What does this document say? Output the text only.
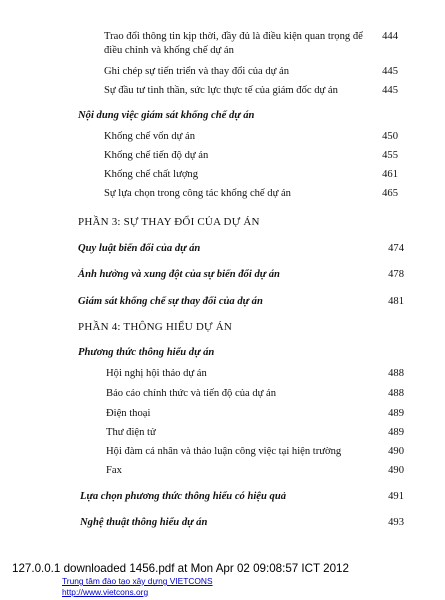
Trao đổi thông tin kịp thời, đầy đủ là điều kiện quan trọng để
điều chỉnh và khống chế dự án
444
Ghi chép sự tiến triển và thay đổi của dự án	445
Sự đầu tư tinh thần, sức lực thực tế của giám đốc dự án	445
Nội dung việc giám sát khống chế dự án
Khống chế vốn dự án	450
Khống chế tiến độ dự án	455
Khống chế chất lượng	461
Sự lựa chọn trong công tác khống chế dự án	465
PHẦN 3: SỰ THAY ĐỔI CỦA DỰ ÁN
Quy luật biến đổi của dự án	474
Ảnh hưởng và xung đột của sự biến đổi dự án	478
Giám sát khống chế sự thay đổi của dự án	481
PHẦN 4: THÔNG HIỂU DỰ ÁN
Phương thức thông hiểu dự án
Hội nghị hội thảo dự án	488
Báo cáo chính thức và tiến độ của dự án	488
Điện thoại	489
Thư điện tử	489
Hội đàm cá nhân và thảo luận công việc tại hiện trường	490
Fax	490
Lựa chọn phương thức thông hiểu có hiệu quả	491
Nghệ thuật thông hiểu dự án	493
127.0.0.1 downloaded 1456.pdf at Mon Apr 02 09:08:57 ICT 2012
Trung tâm đào tạo xây dựng VIETCONS
http://www.vietcons.org
